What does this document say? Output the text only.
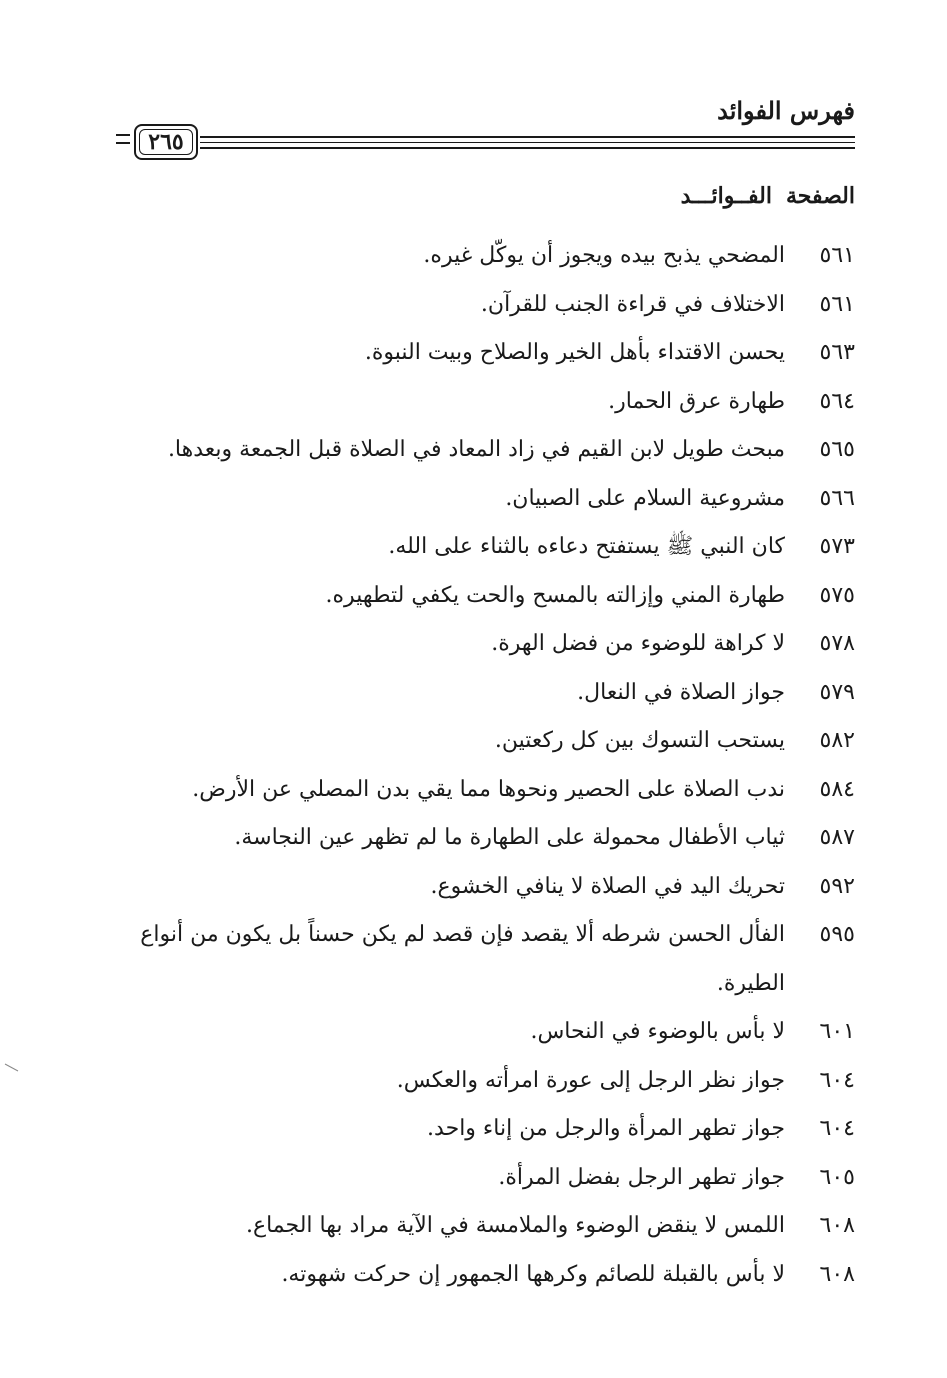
فهرس الفوائد
٢٦٥
الصفحة
الفــوائـــد
٥٦١
المضحي يذبح بيده ويجوز أن يوكّل غيره.
٥٦١
الاختلاف في قراءة الجنب للقرآن.
٥٦٣
يحسن الاقتداء بأهل الخير والصلاح وبيت النبوة.
٥٦٤
طهارة عرق الحمار.
٥٦٥
مبحث طويل لابن القيم في زاد المعاد في الصلاة قبل الجمعة وبعدها.
٥٦٦
مشروعية السلام على الصبيان.
٥٧٣
كان النبي ﷺ يستفتح دعاءه بالثناء على الله.
٥٧٥
طهارة المني وإزالته بالمسح والحت يكفي لتطهيره.
٥٧٨
لا كراهة للوضوء من فضل الهرة.
٥٧٩
جواز الصلاة في النعال.
٥٨٢
يستحب التسوك بين كل ركعتين.
٥٨٤
ندب الصلاة على الحصير ونحوها مما يقي بدن المصلي عن الأرض.
٥٨٧
ثياب الأطفال محمولة على الطهارة ما لم تظهر عين النجاسة.
٥٩٢
تحريك اليد في الصلاة لا ينافي الخشوع.
٥٩٥
الفأل الحسن شرطه ألا يقصد فإن قصد لم يكن حسناً بل يكون من أنواع الطيرة.
٦٠١
لا بأس بالوضوء في النحاس.
٦٠٤
جواز نظر الرجل إلى عورة امرأته والعكس.
٦٠٤
جواز تطهر المرأة والرجل من إناء واحد.
٦٠٥
جواز تطهر الرجل بفضل المرأة.
٦٠٨
اللمس لا ينقض الوضوء والملامسة في الآية مراد بها الجماع.
٦٠٨
لا بأس بالقبلة للصائم وكرهها الجمهور إن حركت شهوته.
